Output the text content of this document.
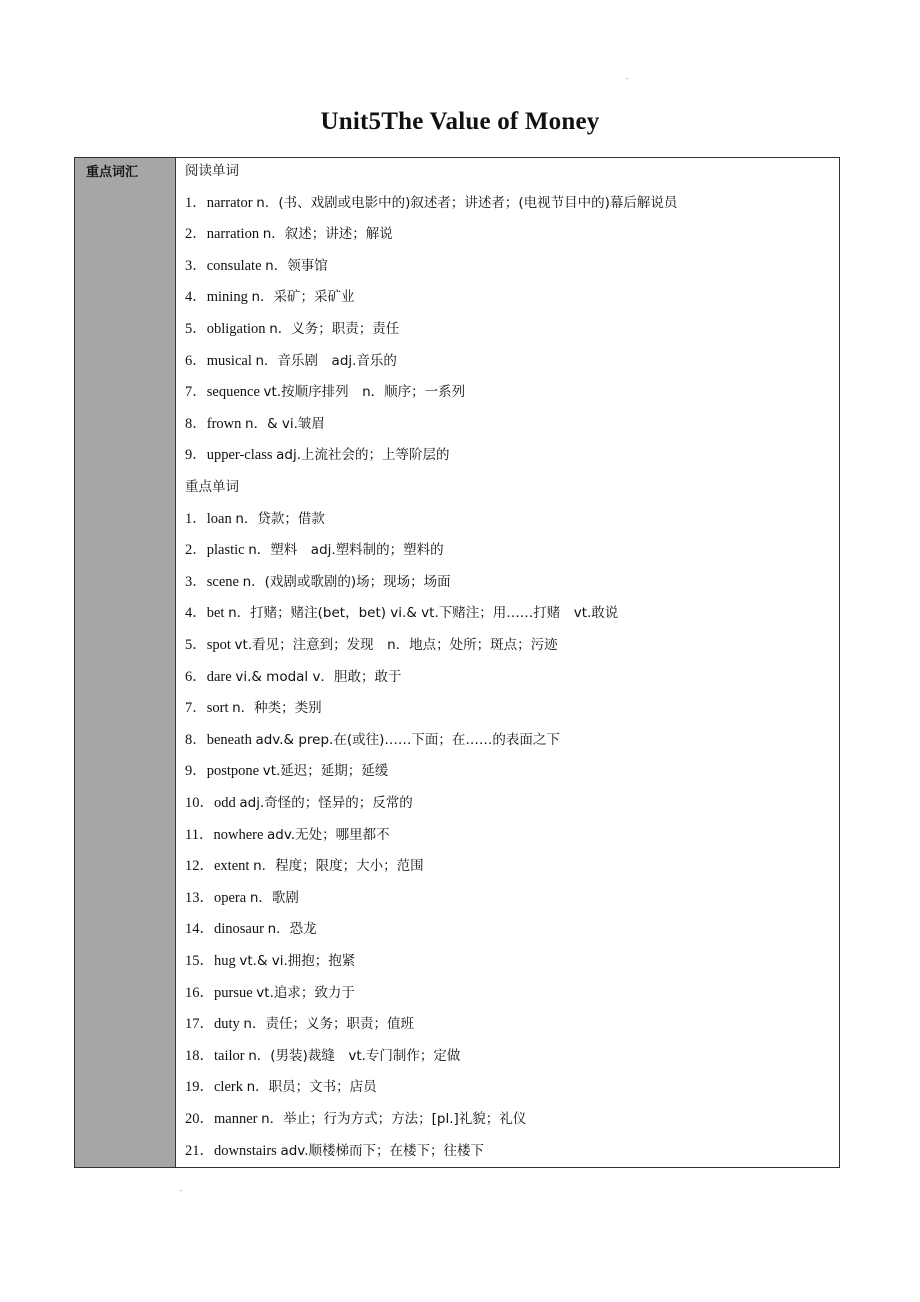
Unit5The Value of Money
重点词汇	阅读单词
1．narrator n．(书、戏剧或电影中的)叙述者；讲述者；(电视节目中的)幕后解说员
2．narration n．叙述；讲述；解说
3．consulate n．领事馆
4．mining n．采矿；采矿业
5．obligation n．义务；职责；责任
6．musical n．音乐剧　adj.音乐的
7．sequence vt.按顺序排列　n．顺序；一系列
8．frown n．& vi.皱眉
9．upper-class adj.上流社会的；上等阶层的
重点单词
1．loan n．贷款；借款
2．plastic n．塑料　adj.塑料制的；塑料的
3．scene n．(戏剧或歌剧的)场；现场；场面
4．bet n．打赌；赌注(bet，bet) vi.& vt.下赌注；用……打赌　vt.敢说
5．spot vt.看见；注意到；发现　n．地点；处所；斑点；污迹
6．dare vi.& modal v．胆敢；敢于
7．sort n．种类；类别
8．beneath adv.& prep.在(或往)……下面；在……的表面之下
9．postpone vt.延迟；延期；延缓
10．odd adj.奇怪的；怪异的；反常的
11．nowhere adv.无处；哪里都不
12．extent n．程度；限度；大小；范围
13．opera n．歌剧
14．dinosaur n．恐龙
15．hug vt.& vi.拥抱；抱紧
16．pursue vt.追求；致力于
17．duty n．责任；义务；职责；值班
18．tailor n．(男装)裁缝　vt.专门制作；定做
19．clerk n．职员；文书；店员
20．manner n．举止；行为方式；方法；[pl.]礼貌；礼仪
21．downstairs adv.顺楼梯而下；在楼下；往楼下
